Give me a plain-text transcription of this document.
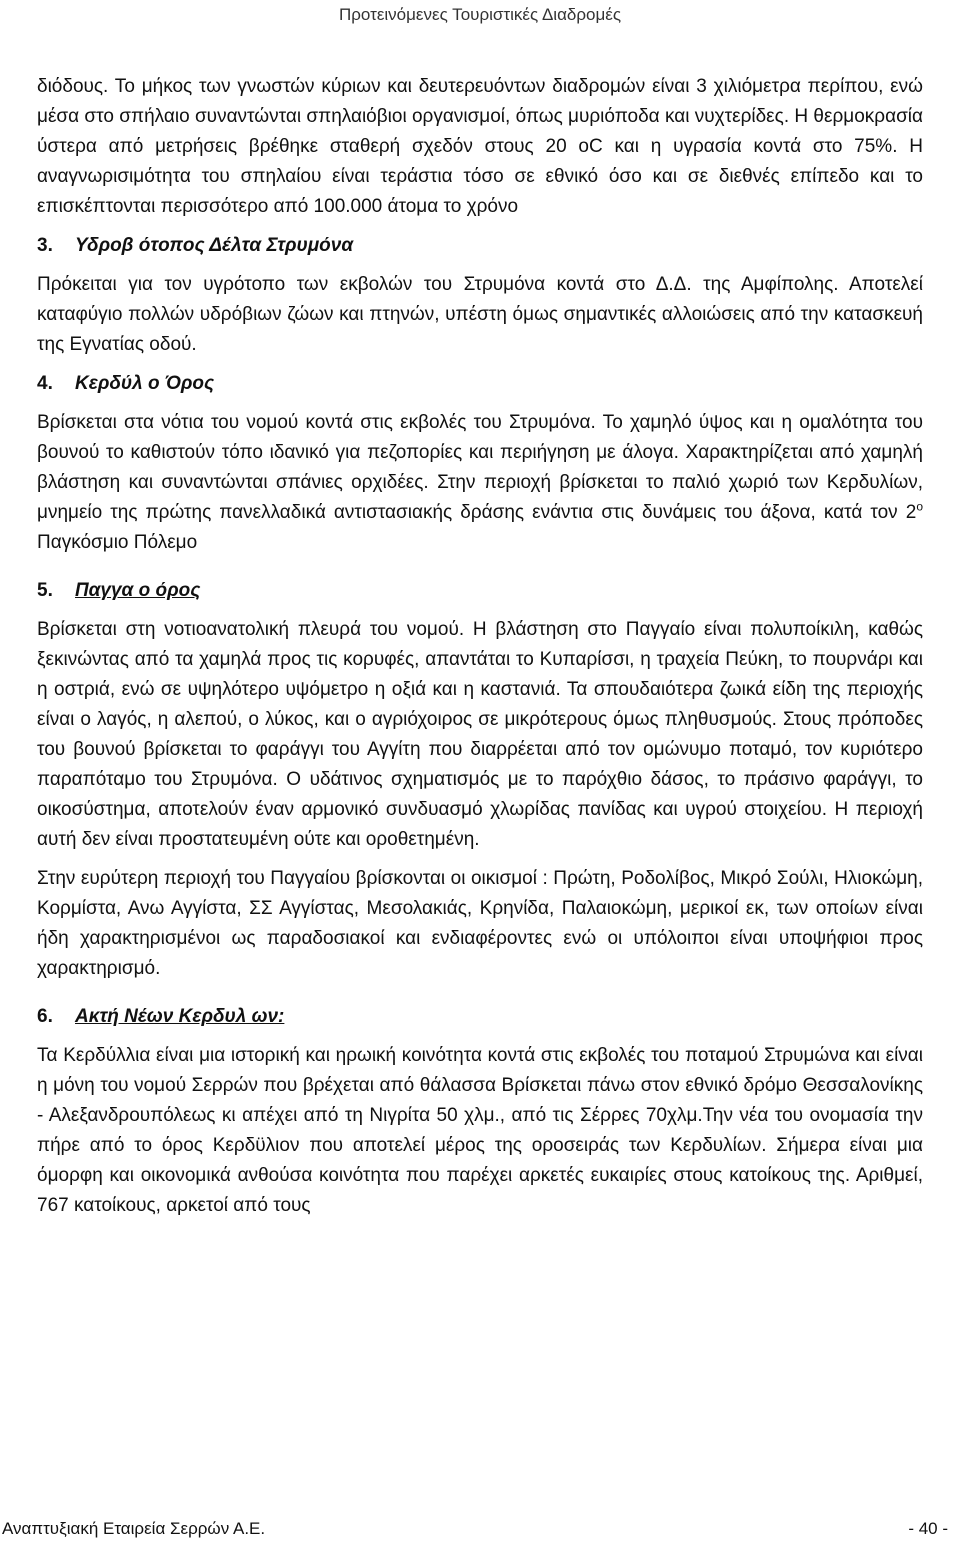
Προτεινόμενες Τουριστικές Διαδρομές

διόδους. Το μήκος των γνωστών κύριων και δευτερευόντων διαδρομών είναι 3 χιλιόμετρα περίπου, ενώ μέσα στο σπήλαιο συναντώνται σπηλαιόβιοι οργανισμοί, όπως μυριόποδα και νυχτερίδες. Η θερμοκρασία ύστερα από μετρήσεις βρέθηκε σταθερή σχεδόν στους 20 oC και η υγρασία κοντά στο 75%. Η αναγνωρισιμότητα του σπηλαίου είναι τεράστια τόσο σε εθνικό όσο και σε διεθνές επίπεδο και το επισκέπτονται περισσότερο από 100.000 άτομα το χρόνο

3. Υδροβ ότοπος Δέλτα Στρυμόνα

Πρόκειται για τον υγρότοπο των εκβολών του Στρυμόνα κοντά στο Δ.Δ. της Αμφίπολης. Αποτελεί καταφύγιο πολλών υδρόβιων ζώων και πτηνών, υπέστη όμως σημαντικές αλλοιώσεις από την κατασκευή της Εγνατίας οδού.

4. Κερδύλ ο Όρος

Βρίσκεται στα νότια του νομού κοντά στις εκβολές του Στρυμόνα. Το χαμηλό ύψος και η ομαλότητα του βουνού το καθιστούν τόπο ιδανικό για πεζοπορίες και περιήγηση με άλογα. Χαρακτηρίζεται από χαμηλή βλάστηση και συναντώνται σπάνιες ορχιδέες. Στην περιοχή βρίσκεται το παλιό χωριό των Κερδυλίων, μνημείο της πρώτης πανελλαδικά αντιστασιακής δράσης ενάντια στις δυνάμεις του άξονα, κατά τον $2^o$ Παγκόσμιο Πόλεμο

5. Παγγα ο όρος

Βρίσκεται στη νοτιοανατολική πλευρά του νομού. Η βλάστηση στο Παγγαίο είναι πολυποίκιλη, καθώς ξεκινώντας από τα χαμηλά προς τις κορυφές, απαντάται το Κυπαρίσσι, η τραχεία Πεύκη, το πουρνάρι και η οστριά, ενώ σε υψηλότερο υψόμετρο η οξιά και η καστανιά. Τα σπουδαιότερα ζωικά είδη της περιοχής είναι ο λαγός, η αλεπού, ο λύκος, και ο αγριόχοιρος σε μικρότερους όμως πληθυσμούς. Στους πρόποδες του βουνού βρίσκεται το φαράγγι του Αγγίτη που διαρρέεται από τον ομώνυμο ποταμό, τον κυριότερο παραπόταμο του Στρυμόνα. Ο υδάτινος σχηματισμός με το παρόχθιο δάσος, το πράσινο φαράγγι, το οικοσύστημα, αποτελούν έναν αρμονικό συνδυασμό χλωρίδας πανίδας και υγρού στοιχείου. Η περιοχή αυτή δεν είναι προστατευμένη ούτε και οροθετημένη.

Στην ευρύτερη περιοχή του Παγγαίου βρίσκονται οι οικισμοί : Πρώτη, Ροδολίβος, Μικρό Σούλι, Ηλιοκώμη, Κορμίστα, Ανω Αγγίστα, ΣΣ Αγγίστας, Μεσολακιάς, Κρηνίδα, Παλαιοκώμη, μερικοί εκ, των οποίων είναι ήδη χαρακτηρισμένοι ως παραδοσιακοί και ενδιαφέροντες ενώ οι υπόλοιποι είναι υποψήφιοι προς χαρακτηρισμό.

6. Ακτή Νέων Κερδυλ ων:

Τα Κερδύλλια είναι μια ιστορική και ηρωική κοινότητα κοντά στις εκβολές του ποταμού Στρυμώνα και είναι η μόνη του νομού Σερρών που βρέχεται από θάλασσα Βρίσκεται πάνω στον εθνικό δρόμο Θεσσαλονίκης - Αλεξανδρουπόλεως κι απέχει από τη Νιγρίτα 50 χλμ., από τις Σέρρες 70χλμ.Την νέα του ονομασία την πήρε από το όρος Κερδϋλιον που αποτελεί μέρος της οροσειράς των Κερδυλίων. Σήμερα είναι μια όμορφη και οικονομικά ανθούσα κοινότητα που παρέχει αρκετές ευκαιρίες στους κατοίκους της. Αριθμεί, 767 κατοίκους, αρκετοί από τους

Αναπτυξιακή Εταιρεία Σερρών Α.Ε.	- 40 -
